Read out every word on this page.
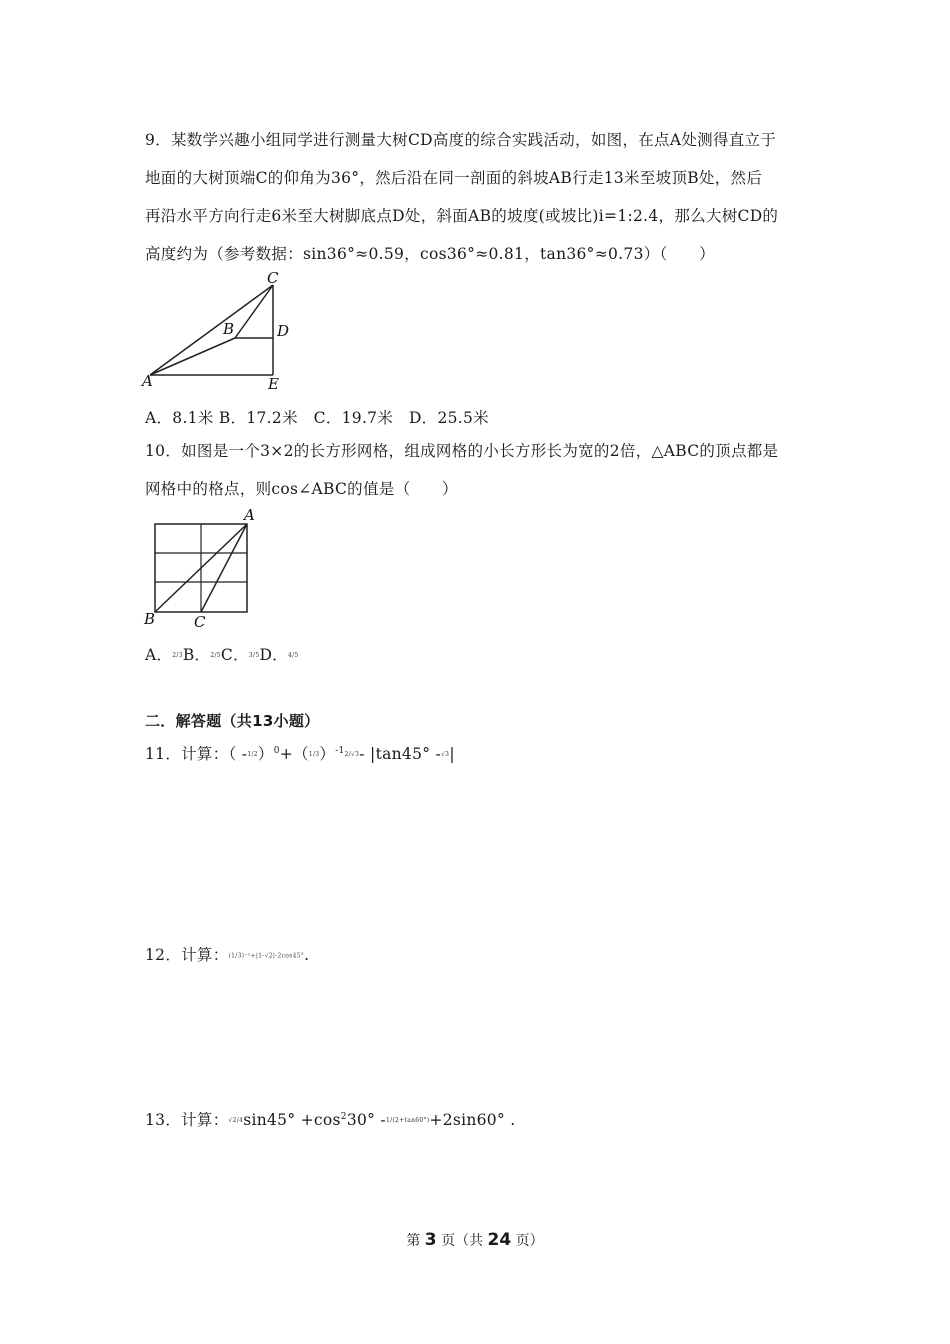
9．某数学兴趣小组同学进行测量大树CD高度的综合实践活动，如图，在点A处测得直立于
地面的大树顶端C的仰角为36°，然后沿在同一剖面的斜坡AB行走13米至坡顶B处，然后
再沿水平方向行走6米至大树脚底点D处，斜面AB的坡度(或坡比)i=1:2.4，那么大树CD的
高度约为（参考数据：sin36°≈0.59，cos36°≈0.81，tan36°≈0.73）（　　）
A
B
C
D
E
A．8.1米 B．17.2米　C．19.7米　D．25.5米
10．如图是一个3×2的长方形网格，组成网格的小长方形长为宽的2倍，△ABC的顶点都是
网格中的格点，则cos∠ABC的值是（　　）
A
B	C
A．2/3B．2/5C．3/5D．4/5
二．解答题（共13小题）
11．计算：（ $-1/2)^0+(1/3)^{-1}2/√3-$ |tan45° -√3|
12．计算：(1/3)⁻¹+|1-√2|-2cos45°.
13．计算：$√2/4\sin 45^\circ +\cos^230^\circ$ -1/(2+tan60°)+2sin60° .
第 3 页（共 24 页）
